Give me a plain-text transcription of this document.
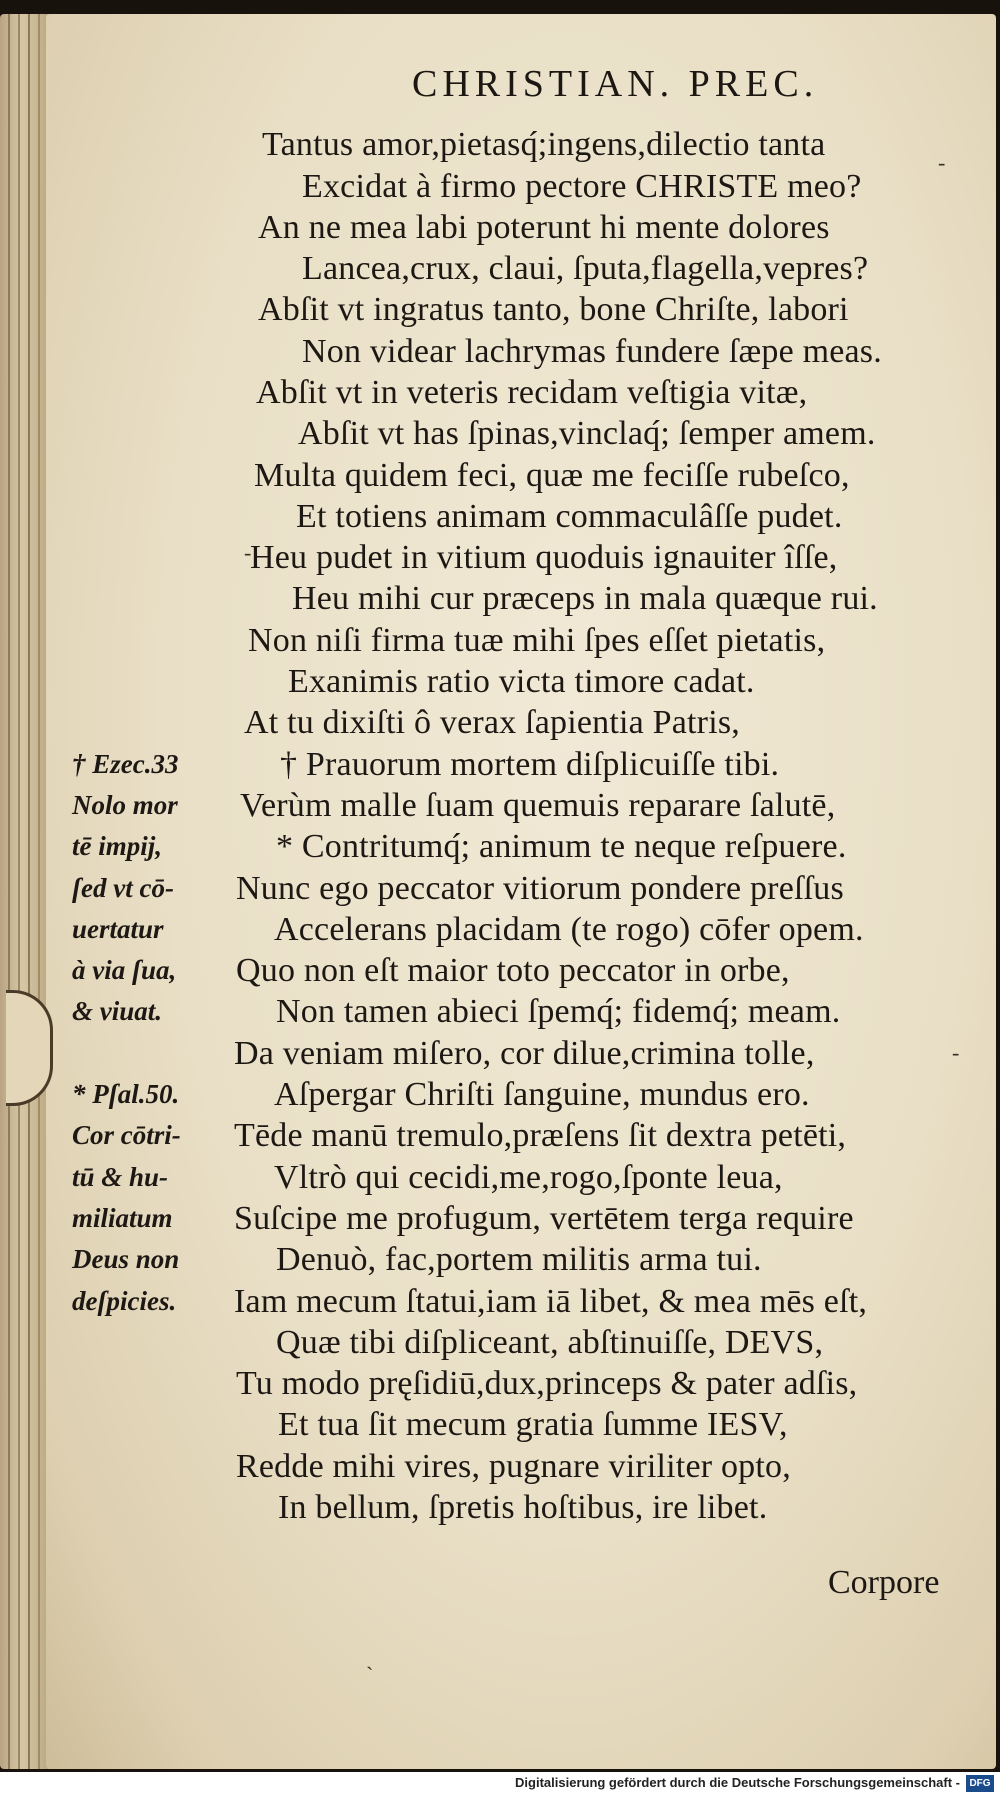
CHRISTIAN. PREC.
Tantus amor,pietasq́;ingens,dilectio tanta
Excidat à firmo pectore CHRISTE meo?
An ne mea labi poterunt hi mente dolores
Lancea,crux, claui, ſputa,flagella,vepres?
Abſit vt ingratus tanto, bone Chriſte, labori
Non videar lachrymas fundere ſæpe meas.
Abſit vt in veteris recidam veſtigia vitæ,
Abſit vt has ſpinas,vinclaq́; ſemper amem.
Multa quidem feci, quæ me feciſſe rubeſco,
Et totiens animam commaculâſſe pudet.
Heu pudet in vitium quoduis ignauiter îſſe,
Heu mihi cur præceps in mala quæque rui.
Non niſi firma tuæ mihi ſpes eſſet pietatis,
Exanimis ratio victa timore cadat.
At tu dixiſti ô verax ſapientia Patris,
† Prauorum mortem diſplicuiſſe tibi.
Verùm malle ſuam quemuis reparare ſalutē,
* Contritumq́; animum te neque reſpuere.
Nunc ego peccator vitiorum pondere preſſus
Accelerans placidam (te rogo) cōfer opem.
Quo non eſt maior toto peccator in orbe,
Non tamen abieci ſpemq́; fidemq́; meam.
Da veniam miſero, cor dilue,crimina tolle,
Aſpergar Chriſti ſanguine, mundus ero.
Tēde manū tremulo,præſens ſit dextra petēti,
Vltrò qui cecidi,me,rogo,ſponte leua,
Suſcipe me profugum, vertētem terga require
Denuò, fac,portem militis arma tui.
Iam mecum ſtatui,iam iā libet, & mea mēs eſt,
Quæ tibi diſpliceant, abſtinuiſſe, DEVS,
Tu modo pręſidiū,dux,princeps & pater adſis,
Et tua ſit mecum gratia ſumme IESV,
Redde mihi vires, pugnare viriliter opto,
In bellum, ſpretis hoſtibus, ire libet.
† Ezec.33
Nolo mor
tē impij,
ſed vt cō-
uertatur
à via ſua,
& viuat.
* Pſal.50.
Cor cōtri-
tū & hu-
miliatum
Deus non
deſpicies.
-
-
-
`
Corpore
Digitalisierung gefördert durch die Deutsche Forschungsgemeinschaft - DFG
